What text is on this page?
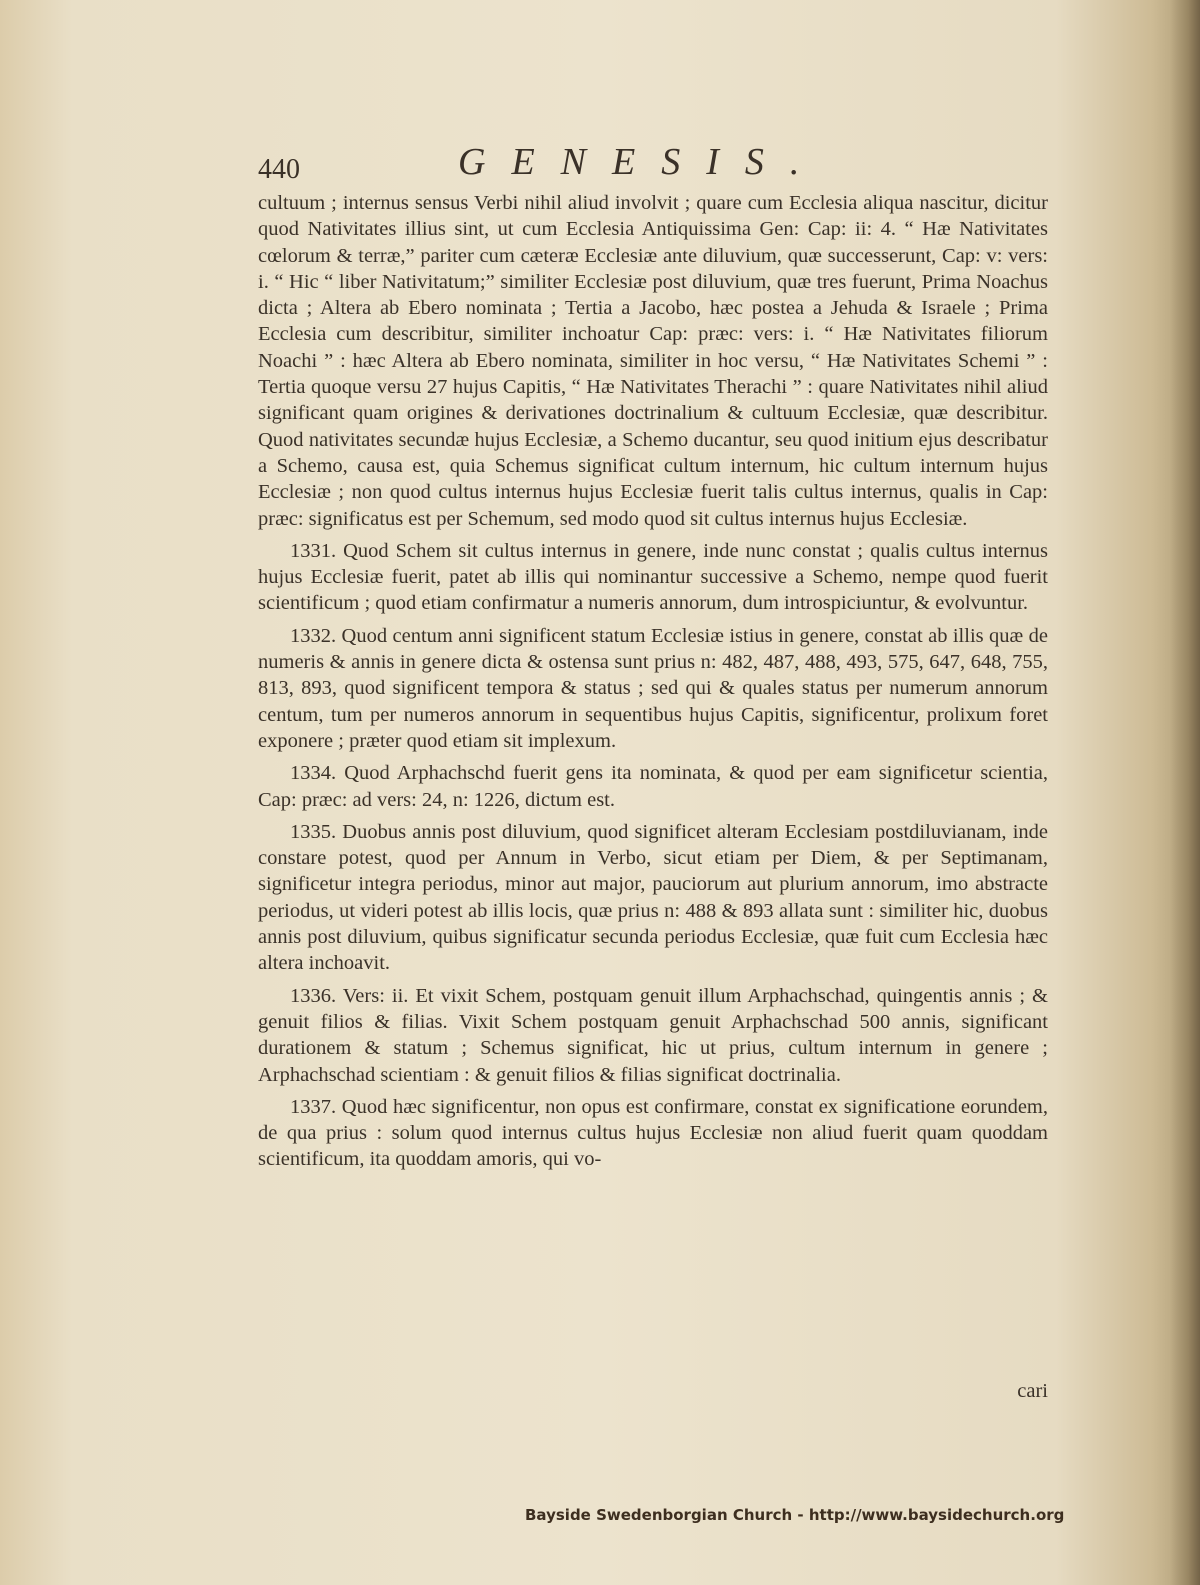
440	GENESIS.

cultuum ; internus sensus Verbi nihil aliud involvit ; quare cum Ecclesia aliqua nascitur, dicitur quod Nativitates illius sint, ut cum Ecclesia Antiquissima Gen: Cap: ii: 4. “ Hæ Nativitates cœlorum & terræ,” pariter cum cæteræ Ecclesiæ ante diluvium, quæ successerunt, Cap: v: vers: i. “ Hic “ liber Nativitatum;” similiter Ecclesiæ post diluvium, quæ tres fuerunt, Prima Noachus dicta ; Altera ab Ebero nominata ; Tertia a Jacobo, hæc postea a Jehuda & Israele ; Prima Ecclesia cum describitur, similiter inchoatur Cap: præc: vers: i. “ Hæ Nativitates filiorum Noachi ” : hæc Altera ab Ebero nominata, similiter in hoc versu, “ Hæ Nativitates Schemi ” : Tertia quoque versu 27 hujus Capitis, “ Hæ Nativitates Therachi ” : quare Nativitates nihil aliud significant quam origines & derivationes doctrinalium & cultuum Ecclesiæ, quæ describitur. Quod nativitates secundæ hujus Ecclesiæ, a Schemo ducantur, seu quod initium ejus describatur a Schemo, causa est, quia Schemus significat cultum internum, hic cultum internum hujus Ecclesiæ ; non quod cultus internus hujus Ecclesiæ fuerit talis cultus internus, qualis in Cap: præc: significatus est per Schemum, sed modo quod sit cultus internus hujus Ecclesiæ.

1331. Quod Schem sit cultus internus in genere, inde nunc constat ; qualis cultus internus hujus Ecclesiæ fuerit, patet ab illis qui nominantur successive a Schemo, nempe quod fuerit scientificum ; quod etiam confirmatur a numeris annorum, dum introspiciuntur, & evolvuntur.

1332. Quod centum anni significent statum Ecclesiæ istius in genere, constat ab illis quæ de numeris & annis in genere dicta & ostensa sunt prius n: 482, 487, 488, 493, 575, 647, 648, 755, 813, 893, quod significent tempora & status ; sed qui & quales status per numerum annorum centum, tum per numeros annorum in sequentibus hujus Capitis, significentur, prolixum foret exponere ; præter quod etiam sit implexum.

1334. Quod Arphachschd fuerit gens ita nominata, & quod per eam significetur scientia, Cap: præc: ad vers: 24, n: 1226, dictum est.

1335. Duobus annis post diluvium, quod significet alteram Ecclesiam postdiluvianam, inde constare potest, quod per Annum in Verbo, sicut etiam per Diem, & per Septimanam, significetur integra periodus, minor aut major, pauciorum aut plurium annorum, imo abstracte periodus, ut videri potest ab illis locis, quæ prius n: 488 & 893 allata sunt : similiter hic, duobus annis post diluvium, quibus significatur secunda periodus Ecclesiæ, quæ fuit cum Ecclesia hæc altera inchoavit.

1336. Vers: ii. Et vixit Schem, postquam genuit illum Arphachschad, quingentis annis ; & genuit filios & filias. Vixit Schem postquam genuit Arphachschad 500 annis, significant durationem & statum ; Schemus significat, hic ut prius, cultum internum in genere ; Arphachschad scientiam : & genuit filios & filias significat doctrinalia.

1337. Quod hæc significentur, non opus est confirmare, constat ex significatione eorundem, de qua prius : solum quod internus cultus hujus Ecclesiæ non aliud fuerit quam quoddam scientificum, ita quoddam amoris, qui vo-

cari
Bayside Swedenborgian Church - http://www.baysidechurch.org
